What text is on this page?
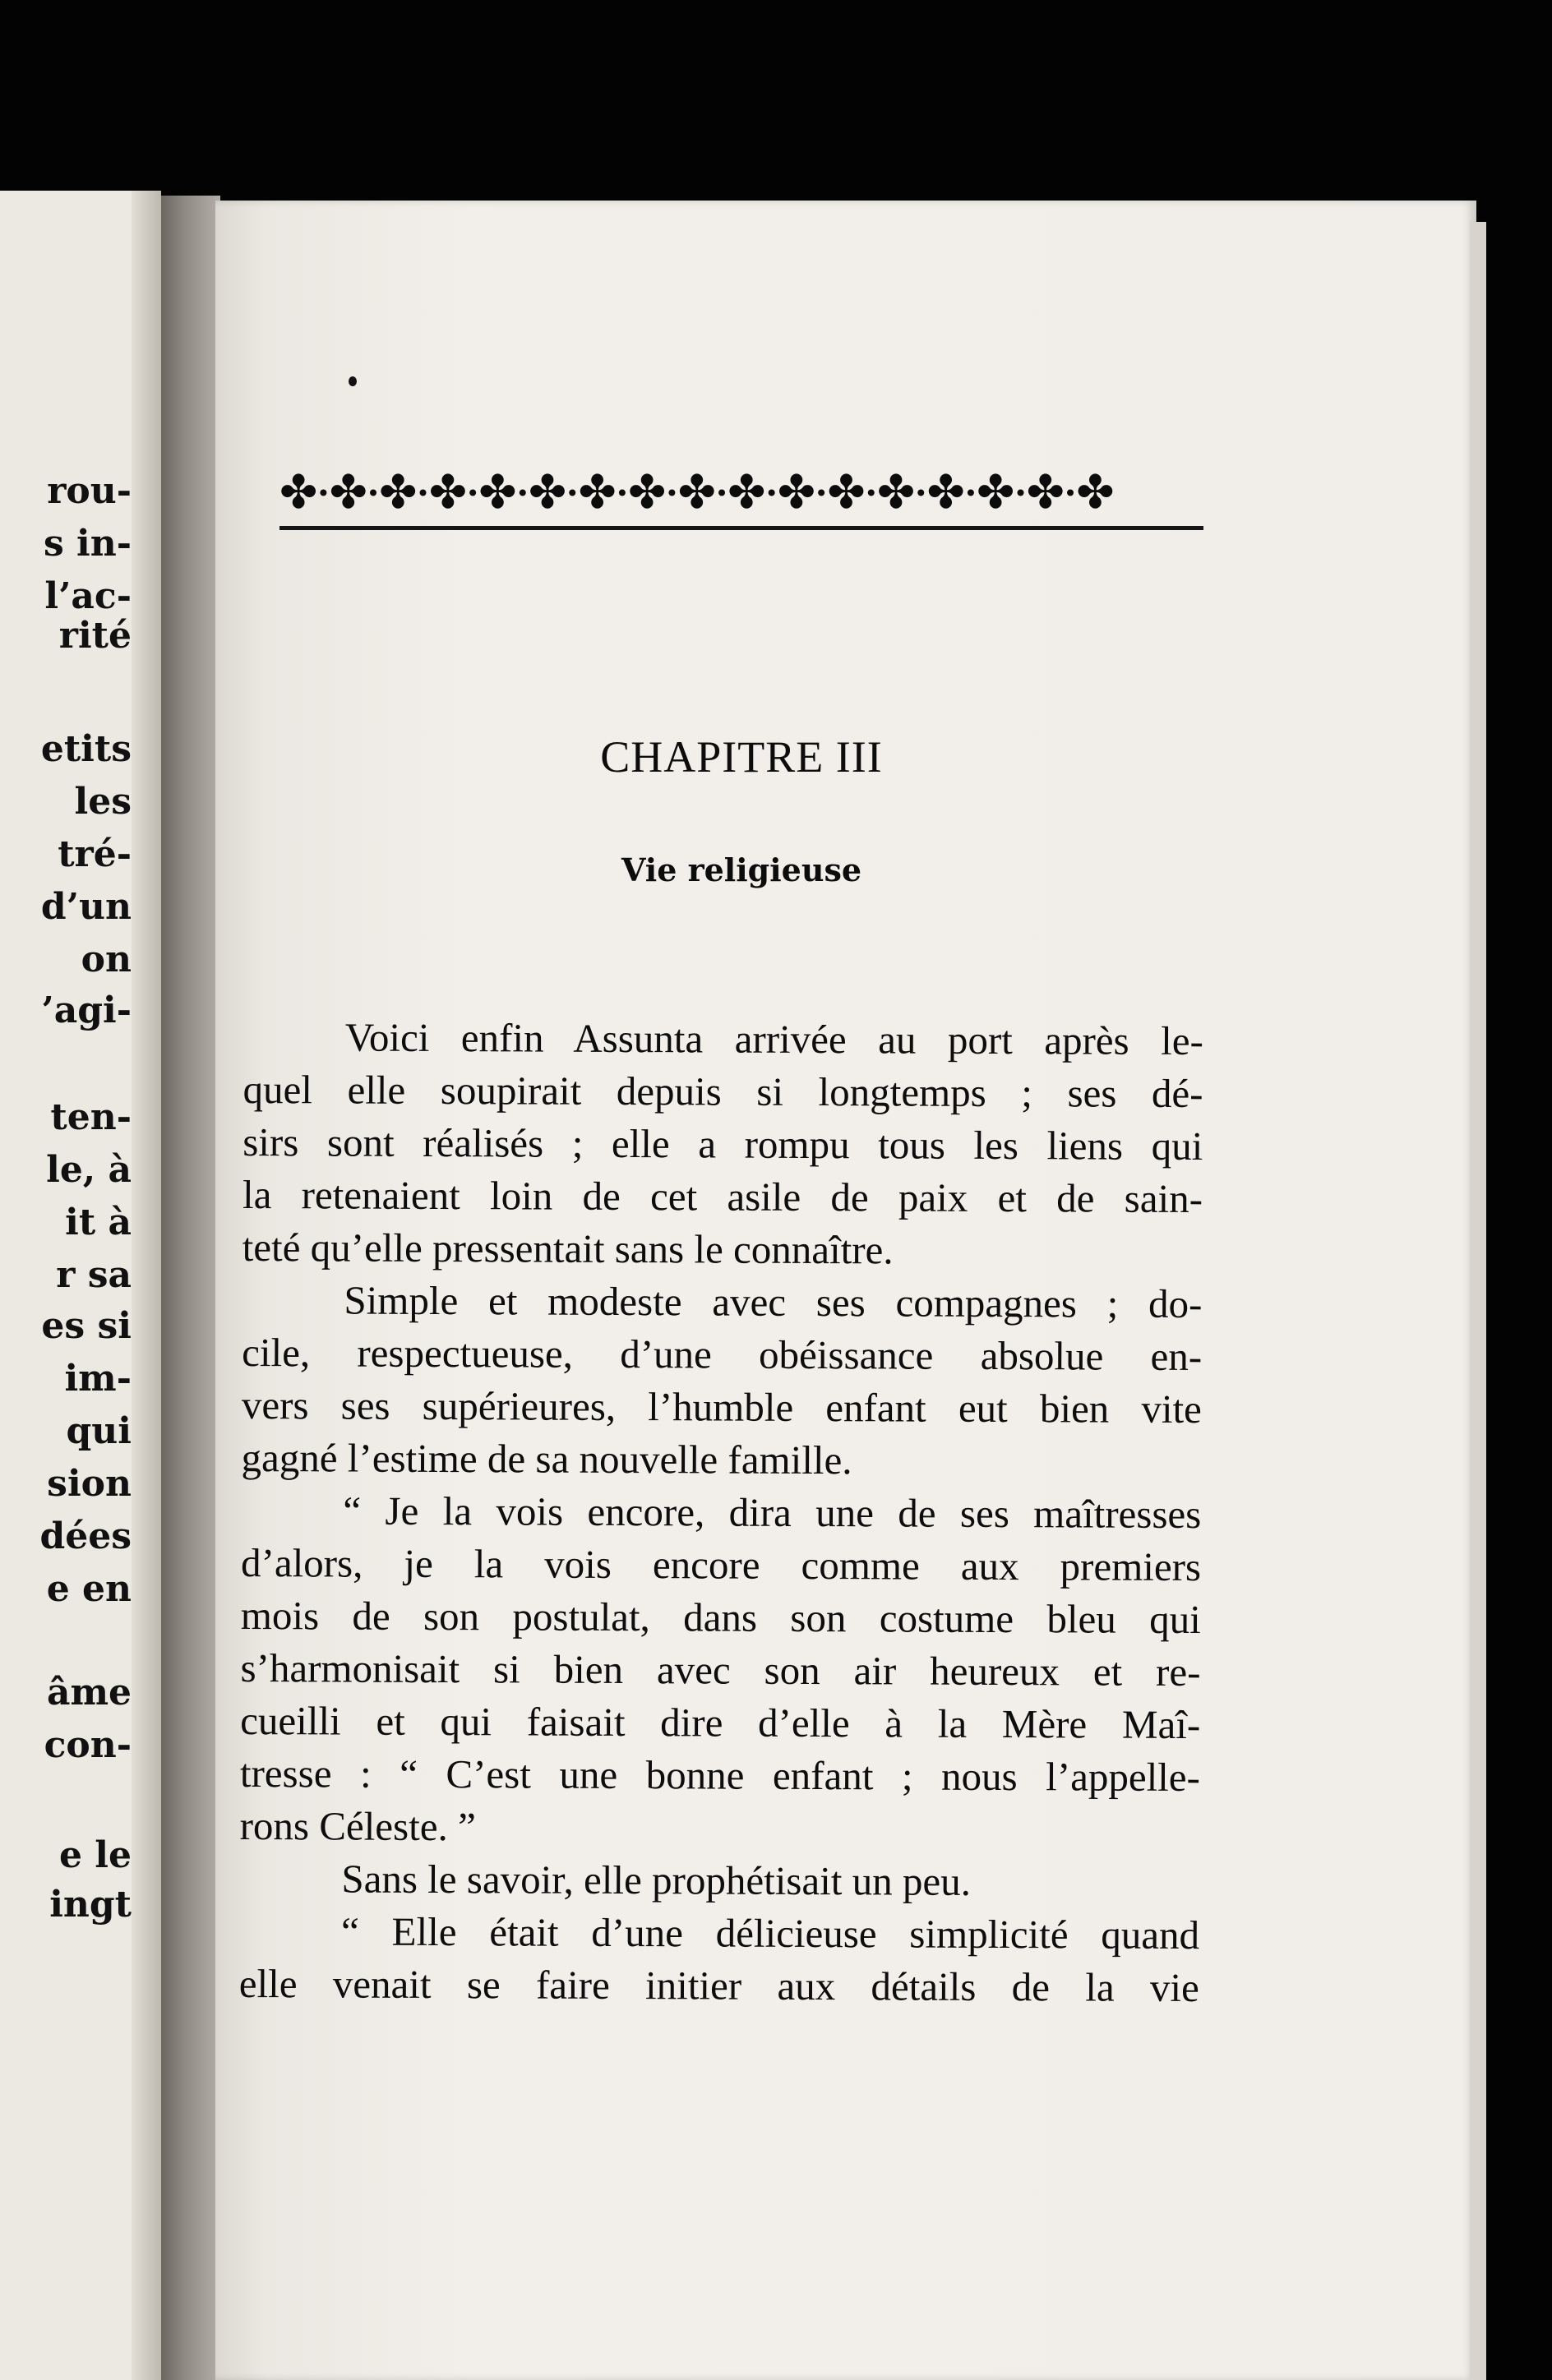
rou-
s in-
l’ac-
rité
etits
les
tré-
d’un
on
’agi-
ten-
le, à
it à
r sa
es si
im-
qui
sion
dées
e en
âme
con-
e le
ingt
✤ • ✤ • ✤ • ✤ • ✤ • ✤ • ✤ • ✤ • ✤ • ✤ • ✤ • ✤ • ✤ • ✤ • ✤ • ✤ • ✤
CHAPITRE III
Vie religieuse
Voici enfin Assunta arrivée au port après le-
quel elle soupirait depuis si longtemps ; ses dé-
sirs sont réalisés ; elle a rompu tous les liens qui
la retenaient loin de cet asile de paix et de sain-
teté qu’elle pressentait sans le connaître.
Simple et modeste avec ses compagnes ; do-
cile, respectueuse, d’une obéissance absolue en-
vers ses supérieures, l’humble enfant eut bien vite
gagné l’estime de sa nouvelle famille.
“ Je la vois encore, dira une de ses maîtresses
d’alors, je la vois encore comme aux premiers
mois de son postulat, dans son costume bleu qui
s’harmonisait si bien avec son air heureux et re-
cueilli et qui faisait dire d’elle à la Mère Maî-
tresse : “ C’est une bonne enfant ; nous l’appelle-
rons Céleste. ”
Sans le savoir, elle prophétisait un peu.
“ Elle était d’une délicieuse simplicité quand
elle venait se faire initier aux détails de la vie
